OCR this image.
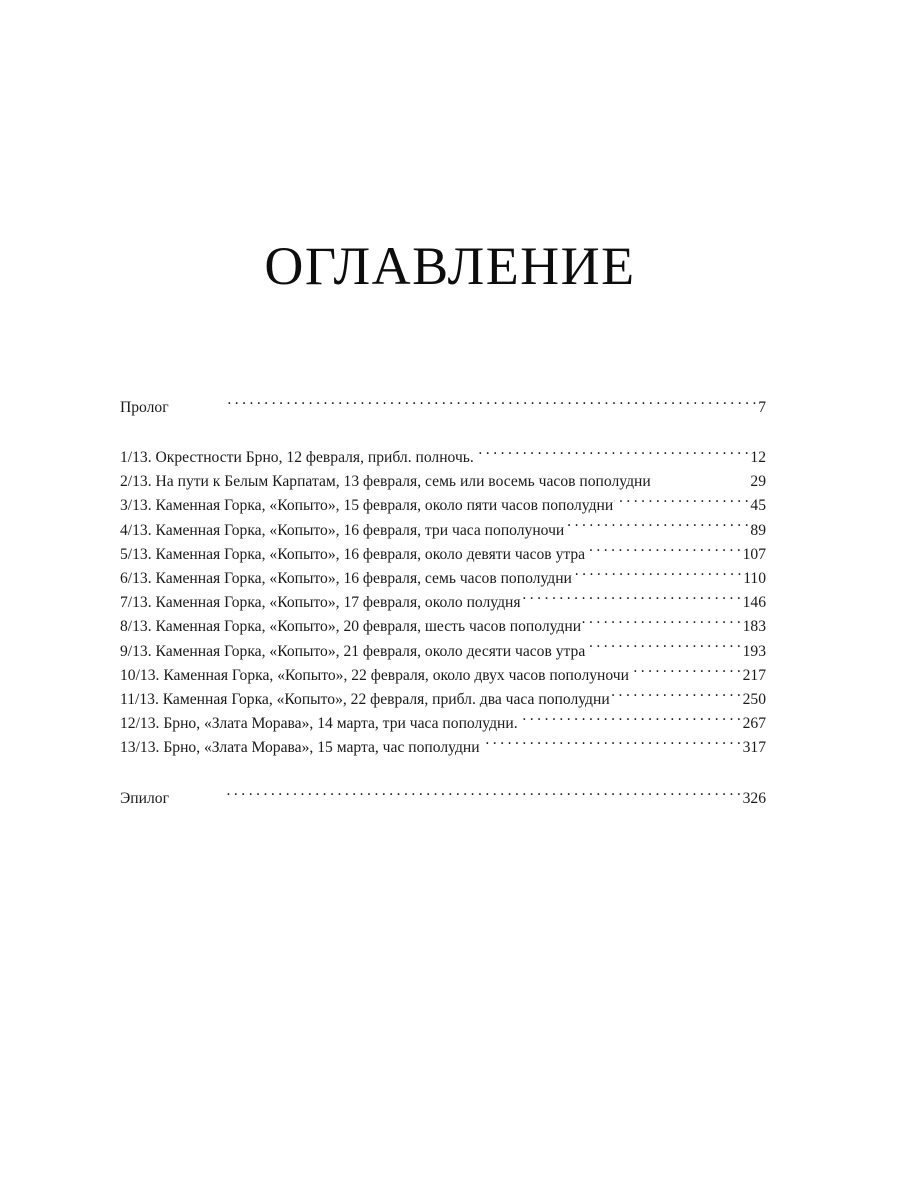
ОГЛАВЛЕНИЕ
Пролог . . .	7
1/13. Окрестности Брно, 12 февраля, прибл. полночь. . . .	12
2/13. На пути к Белым Карпатам, 13 февраля, семь или восемь часов пополудни	29
3/13. Каменная Горка, «Копыто», 15 февраля, около пяти часов пополудни . . .	45
4/13. Каменная Горка, «Копыто», 16 февраля, три часа пополуночи . . .	89
5/13. Каменная Горка, «Копыто», 16 февраля, около девяти часов утра . . .	107
6/13. Каменная Горка, «Копыто», 16 февраля, семь часов пополудни . . .	110
7/13. Каменная Горка, «Копыто», 17 февраля, около полудня . . .	146
8/13. Каменная Горка, «Копыто», 20 февраля, шесть часов пополудни . . .	183
9/13. Каменная Горка, «Копыто», 21 февраля, около десяти часов утра . . .	193
10/13. Каменная Горка, «Копыто», 22 февраля, около двух часов пополуночи . . .	217
11/13. Каменная Горка, «Копыто», 22 февраля, прибл. два часа пополудни . . .	250
12/13. Брно, «Злата Морава», 14 марта, три часа пополудни. . . .	267
13/13. Брно, «Злата Морава», 15 марта, час пополудни . . .	317
Эпилог . . .	326
